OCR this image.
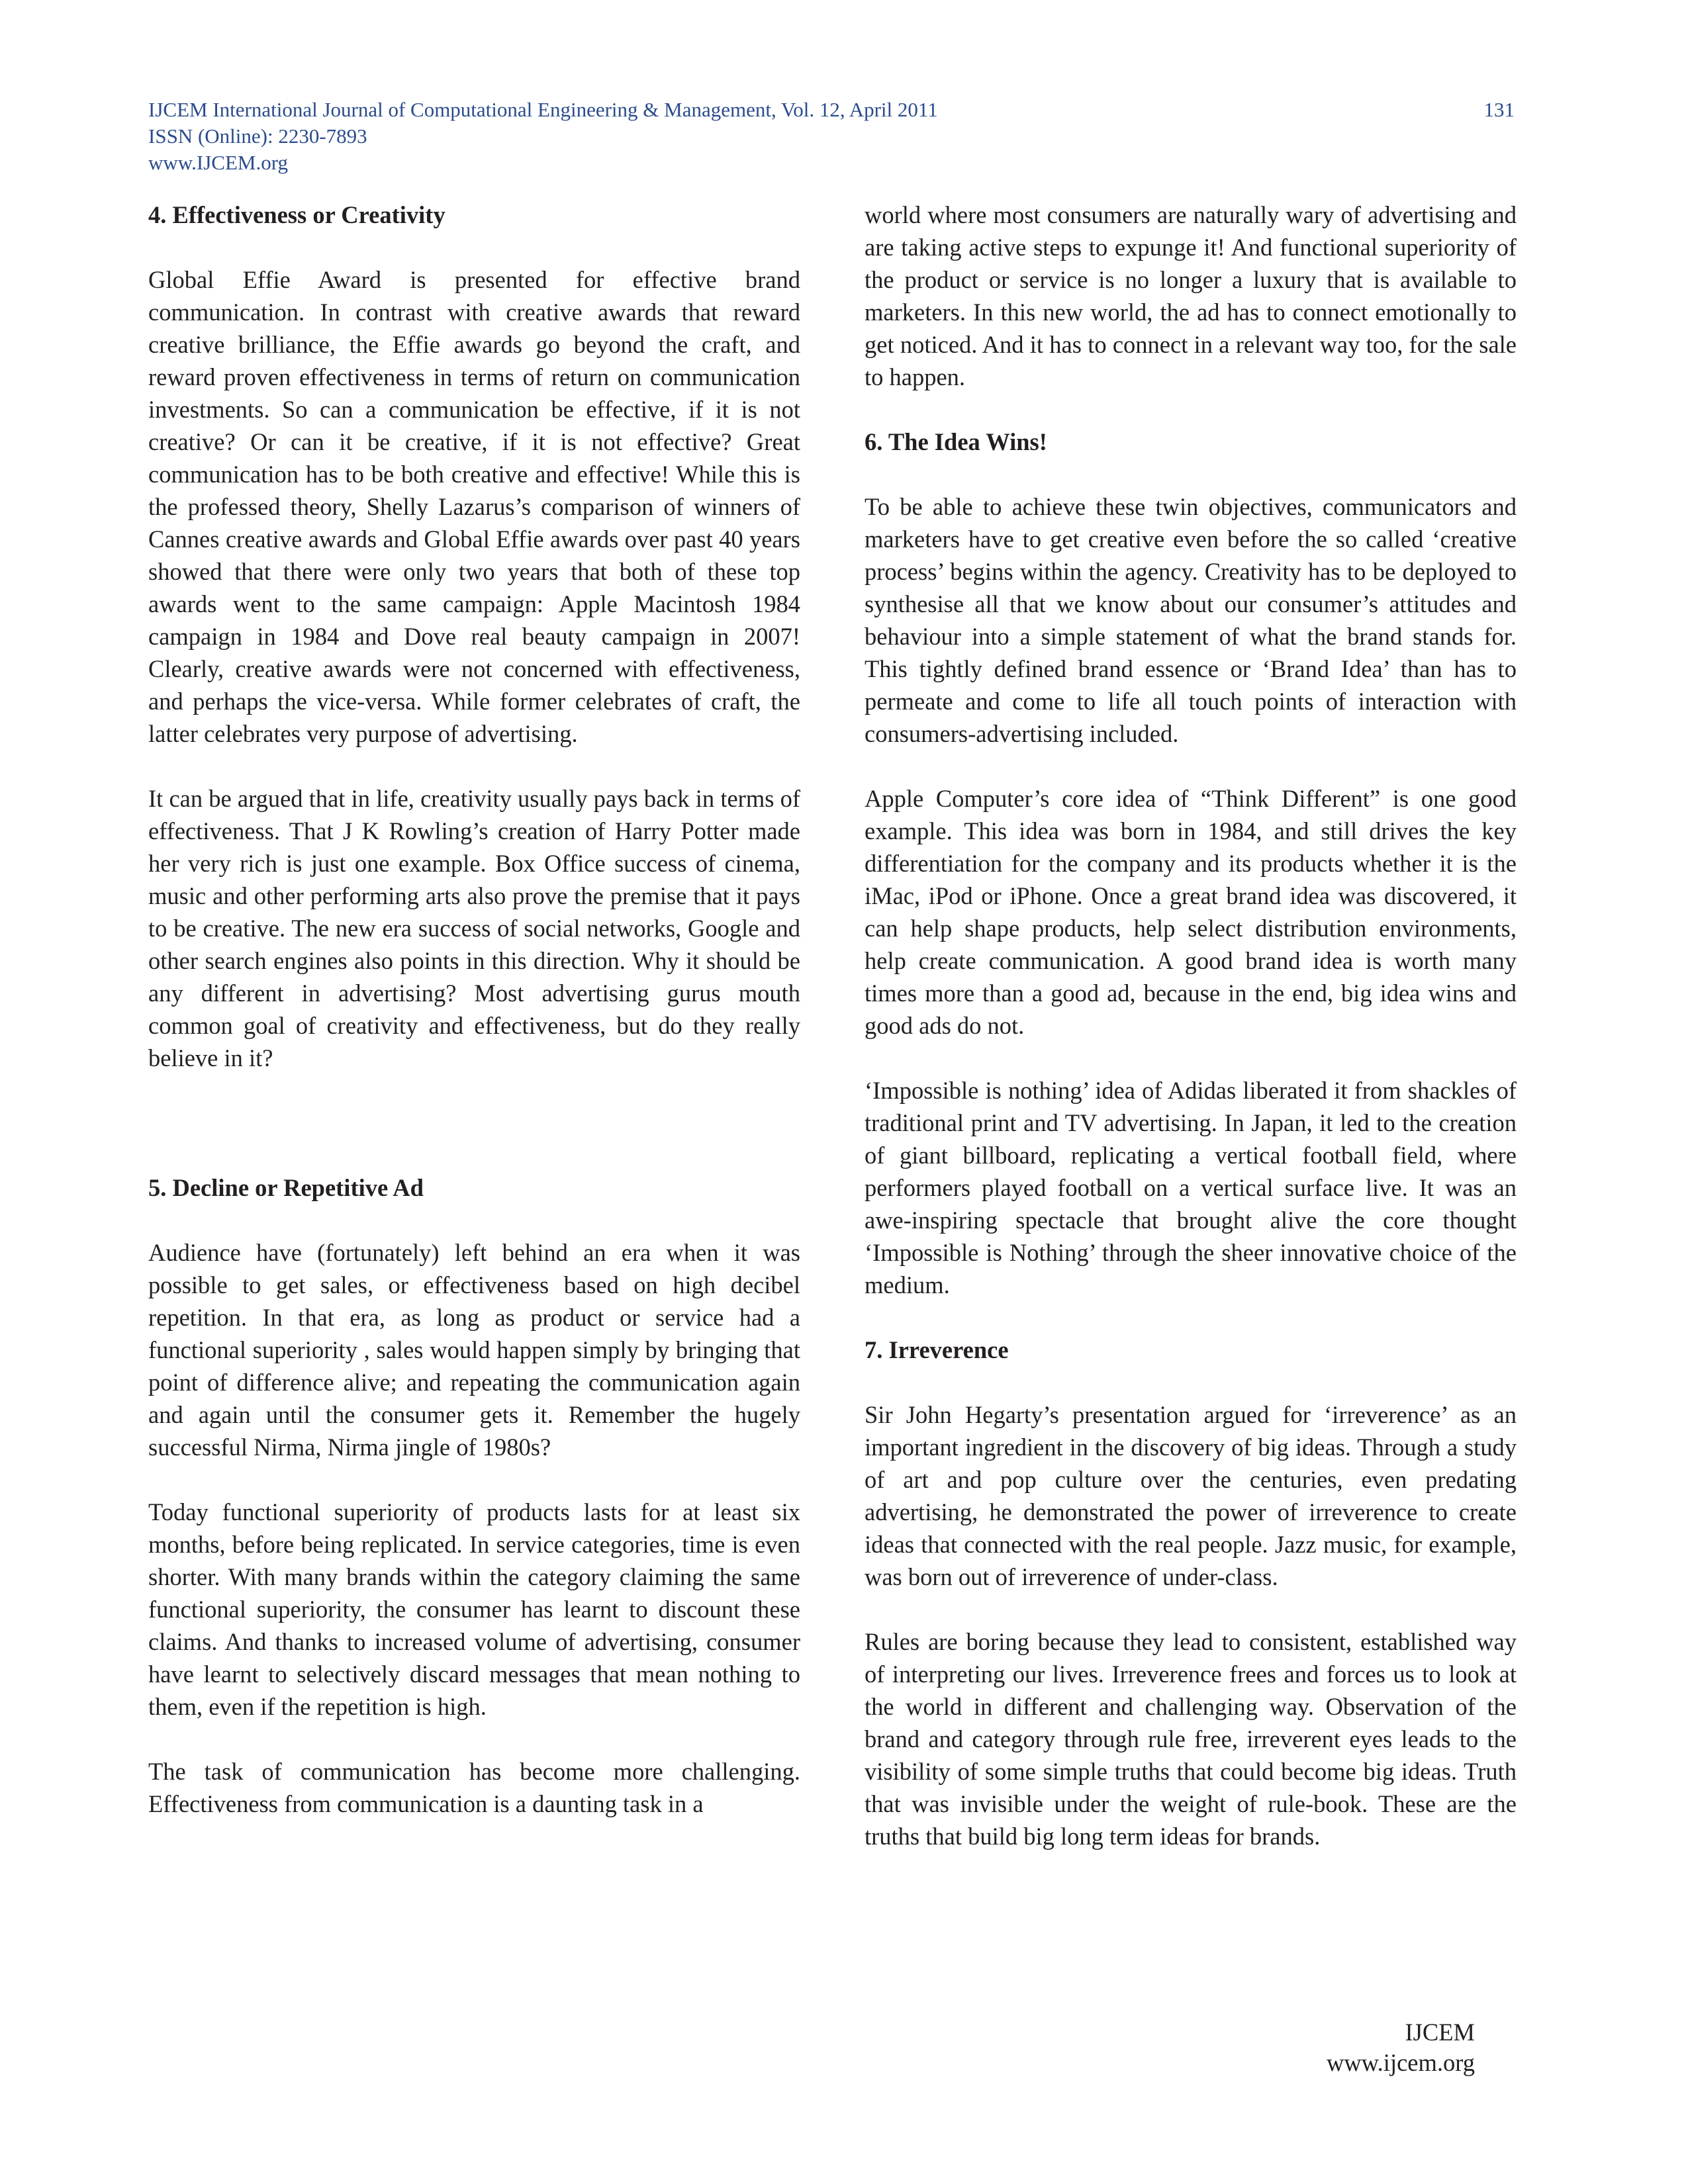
IJCEM International Journal of Computational Engineering & Management, Vol. 12, April 2011
ISSN (Online): 2230-7893
www.IJCEM.org
131
4. Effectiveness or Creativity

Global Effie Award is presented for effective brand communication. In contrast with creative awards that reward creative brilliance, the Effie awards go beyond the craft, and reward proven effectiveness in terms of return on communication investments. So can a communication be effective, if it is not creative? Or can it be creative, if it is not effective? Great communication has to be both creative and effective! While this is the professed theory, Shelly Lazarus’s comparison of winners of Cannes creative awards and Global Effie awards over past 40 years showed that there were only two years that both of these top awards went to the same campaign: Apple Macintosh 1984 campaign in 1984 and Dove real beauty campaign in 2007! Clearly, creative awards were not concerned with effectiveness, and perhaps the vice-versa. While former celebrates of craft, the latter celebrates very purpose of advertising.

It can be argued that in life, creativity usually pays back in terms of effectiveness. That J K Rowling’s creation of Harry Potter made her very rich is just one example. Box Office success of cinema, music and other performing arts also prove the premise that it pays to be creative. The new era success of social networks, Google and other search engines also points in this direction. Why it should be any different in advertising? Most advertising gurus mouth common goal of creativity and effectiveness, but do they really believe in it?

5. Decline or Repetitive Ad

Audience have (fortunately) left behind an era when it was possible to get sales, or effectiveness based on high decibel repetition. In that era, as long as product or service had a functional superiority , sales would happen simply by bringing that point of difference alive; and repeating the communication again and again until the consumer gets it. Remember the hugely successful Nirma, Nirma jingle of 1980s?

Today functional superiority of products lasts for at least six months, before being replicated. In service categories, time is even shorter. With many brands within the category claiming the same functional superiority, the consumer has learnt to discount these claims. And thanks to increased volume of advertising, consumer have learnt to selectively discard messages that mean nothing to them, even if the repetition is high.

The task of communication has become more challenging. Effectiveness from communication is a daunting task in a

world where most consumers are naturally wary of advertising and are taking active steps to expunge it! And functional superiority of the product or service is no longer a luxury that is available to marketers. In this new world, the ad has to connect emotionally to get noticed. And it has to connect in a relevant way too, for the sale to happen.

6. The Idea Wins!

To be able to achieve these twin objectives, communicators and marketers have to get creative even before the so called ‘creative process’ begins within the agency. Creativity has to be deployed to synthesise all that we know about our consumer’s attitudes and behaviour into a simple statement of what the brand stands for. This tightly defined brand essence or ‘Brand Idea’ than has to permeate and come to life all touch points of interaction with consumers-advertising included.

Apple Computer’s core idea of “Think Different” is one good example. This idea was born in 1984, and still drives the key differentiation for the company and its products whether it is the iMac, iPod or iPhone. Once a great brand idea was discovered, it can help shape products, help select distribution environments, help create communication. A good brand idea is worth many times more than a good ad, because in the end, big idea wins and good ads do not.

‘Impossible is nothing’ idea of Adidas liberated it from shackles of traditional print and TV advertising. In Japan, it led to the creation of giant billboard, replicating a vertical football field, where performers played football on a vertical surface live. It was an awe-inspiring spectacle that brought alive the core thought ‘Impossible is Nothing’ through the sheer innovative choice of the medium.

7. Irreverence

Sir John Hegarty’s presentation argued for ‘irreverence’ as an important ingredient in the discovery of big ideas. Through a study of art and pop culture over the centuries, even predating advertising, he demonstrated the power of irreverence to create ideas that connected with the real people. Jazz music, for example, was born out of irreverence of under-class.

Rules are boring because they lead to consistent, established way of interpreting our lives. Irreverence frees and forces us to look at the world in different and challenging way. Observation of the brand and category through rule free, irreverent eyes leads to the visibility of some simple truths that could become big ideas. Truth that was invisible under the weight of rule-book. These are the truths that build big long term ideas for brands.

IJCEM
www.ijcem.org
